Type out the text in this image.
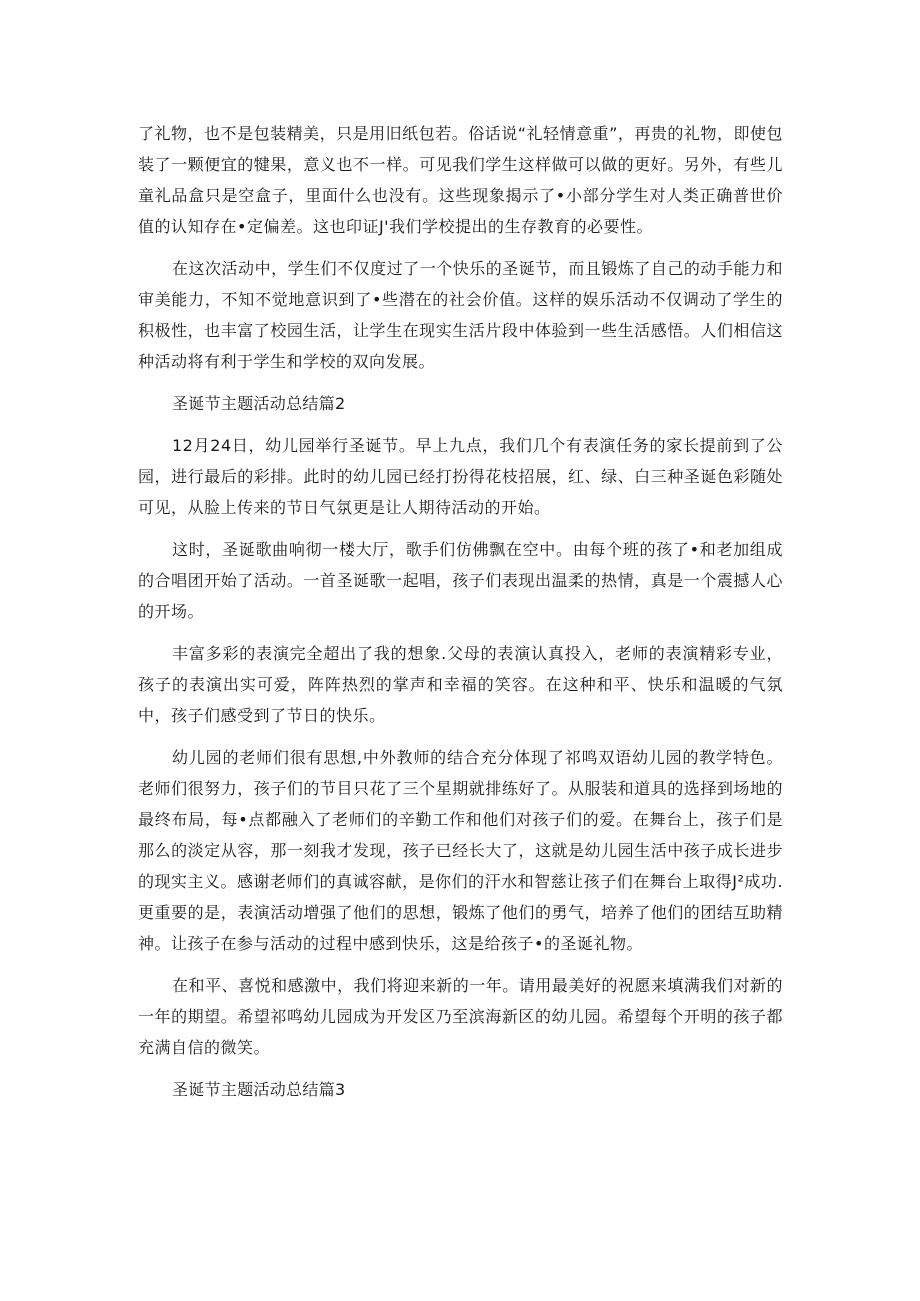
了礼物，也不是包装精美，只是用旧纸包若。俗话说“礼轻情意重”，再贵的礼物，即使包装了一颗便宜的犍果，意义也不一样。可见我们学生这样做可以做的更好。另外，有些儿童礼品盒只是空盒子，里面什么也没有。这些现象揭示了•小部分学生对人类正确普世价值的认知存在•定偏差。这也印证J'我们学校提出的生存教育的必要性。

在这次活动中，学生们不仅度过了一个快乐的圣诞节，而且锻炼了自己的动手能力和审美能力，不知不觉地意识到了•些潜在的社会价值。这样的娱乐活动不仅调动了学生的积极性，也丰富了校园生活，让学生在现实生活片段中体验到一些生活感悟。人们相信这种活动将有利于学生和学校的双向发展。

圣诞节主题活动总结篇2

12月24日，幼儿园举行圣诞节。早上九点，我们几个有表演任务的家长提前到了公园，进行最后的彩排。此时的幼儿园已经打扮得花枝招展，红、绿、白三种圣诞色彩随处可见，从脸上传来的节日气氛更是让人期待活动的开始。

这时，圣诞歌曲响彻一楼大厅，歌手们仿佛飘在空中。由每个班的孩了•和老加组成的合唱团开始了活动。一首圣诞歌一起唱，孩子们表现出温柔的热情，真是一个震撼人心的开场。

丰富多彩的表演完全超出了我的想象.父母的表演认真投入，老师的表演精彩专业，孩子的表演出实可爱，阵阵热烈的掌声和幸福的笑容。在这种和平、快乐和温暖的气氛中，孩子们感受到了节日的快乐。

幼儿园的老师们很有思想,中外教师的结合充分体现了祁鸣双语幼儿园的教学特色。老师们很努力，孩子们的节目只花了三个星期就排练好了。从服装和道具的选择到场地的最终布局，每•点都融入了老师们的辛勤工作和他们对孩子们的爱。在舞台上，孩子们是那么的淡定从容，那一刻我才发现，孩子已经长大了，这就是幼儿园生活中孩子成长进步的现实主义。感谢老师们的真诚容献，是你们的汗水和智慈让孩子们在舞台上取得J²成功.更重要的是，表演活动增强了他们的思想，锻炼了他们的勇气，培养了他们的团结互助精神。让孩子在参与活动的过程中感到快乐，这是给孩子•的圣诞礼物。

在和平、喜悦和感激中，我们将迎来新的一年。请用最美好的祝愿来填满我们对新的一年的期望。希望祁鸣幼儿园成为开发区乃至滨海新区的幼儿园。希望每个开明的孩子都充满自信的微笑。

圣诞节主题活动总结篇3
